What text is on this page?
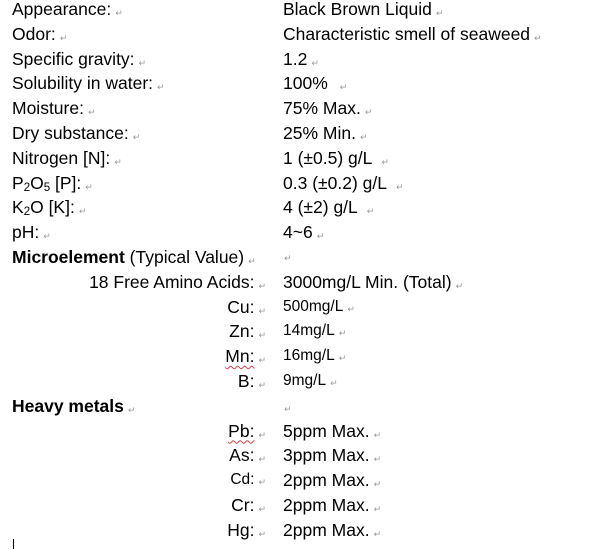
Appearance: ↵	Black Brown Liquid ↵
Odor: ↵	Characteristic smell of seaweed ↵
Specific gravity: ↵	1.2 ↵
Solubility in water: ↵	100% ↵
Moisture: ↵	75% Max. ↵
Dry substance: ↵	25% Min. ↵
Nitrogen [N]: ↵	1 (±0.5) g/L ↵
$P_2O_5$ [P]: ↵	0.3 (±0.2) g/L ↵
$K_2O$ [K]: ↵	4 (±2) g/L ↵
pH: ↵	4~6 ↵
Microelement (Typical Value) ↵	↵
18 Free Amino Acids: ↵ 3000mg/L Min. (Total) ↵
Cu: ↵ 500mg/L ↵
Zn: ↵ 14mg/L ↵
Mn: ↵ 16mg/L ↵
B: ↵ 9mg/L ↵
Heavy metals ↵	↵
Pb: ↵ 5ppm Max. ↵
As: ↵ 3ppm Max. ↵
Cd: ↵ 2ppm Max. ↵
Cr: ↵ 2ppm Max. ↵
Hg: ↵ 2ppm Max. ↵
